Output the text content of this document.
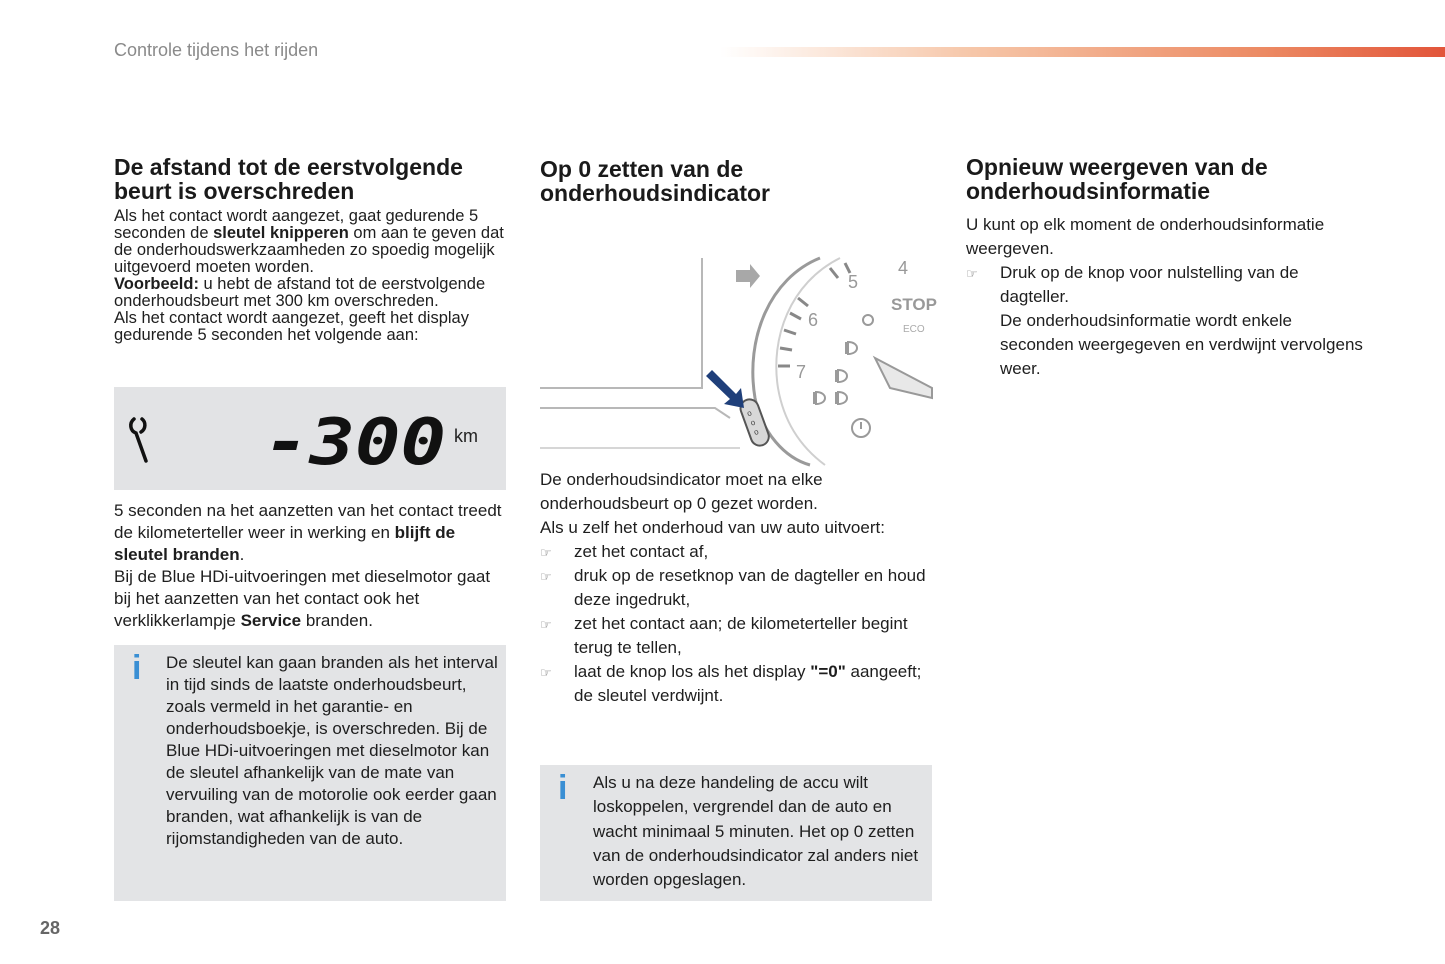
Controle tijdens het rijden
De afstand tot de eerstvolgende beurt is overschreden

Als het contact wordt aangezet, gaat gedurende 5 seconden de sleutel knipperen om aan te geven dat de onderhoudswerkzaamheden zo spoedig mogelijk uitgevoerd moeten worden.

Voorbeeld: u hebt de afstand tot de eerstvolgende onderhoudsbeurt met 300 km overschreden.

Als het contact wordt aangezet, geeft het display gedurende 5 seconden het volgende aan:

-300 km

5 seconden na het aanzetten van het contact treedt de kilometerteller weer in werking en blijft de sleutel branden.

Bij de Blue HDi-uitvoeringen met dieselmotor gaat bij het aanzetten van het contact ook het verklikkerlampje Service branden.

i De sleutel kan gaan branden als het interval in tijd sinds de laatste onderhoudsbeurt, zoals vermeld in het garantie- en onderhoudsboekje, is overschreden. Bij de Blue HDi-uitvoeringen met dieselmotor kan de sleutel afhankelijk van de mate van vervuiling van de motorolie ook eerder gaan branden, wat afhankelijk is van de rijomstandigheden van de auto.

Op 0 zetten van de onderhoudsindicator
4
5
6
7
STOP
ECO
o
o
o

De onderhoudsindicator moet na elke onderhoudsbeurt op 0 gezet worden.

Als u zelf het onderhoud van uw auto uitvoert:

☞ zet het contact af,
☞ druk op de resetknop van de dagteller en houd deze ingedrukt,
☞ zet het contact aan; de kilometerteller begint terug te tellen,
☞ laat de knop los als het display "=0" aangeeft; de sleutel verdwijnt.
i Als u na deze handeling de accu wilt loskoppelen, vergrendel dan de auto en wacht minimaal 5 minuten. Het op 0 zetten van de onderhoudsindicator zal anders niet worden opgeslagen.

Opnieuw weergeven van de onderhoudsinformatie

U kunt op elk moment de onderhoudsinformatie weergeven.

☞ Druk op de knop voor nulstelling van de dagteller.
De onderhoudsinformatie wordt enkele seconden weergegeven en verdwijnt vervolgens weer.
28
